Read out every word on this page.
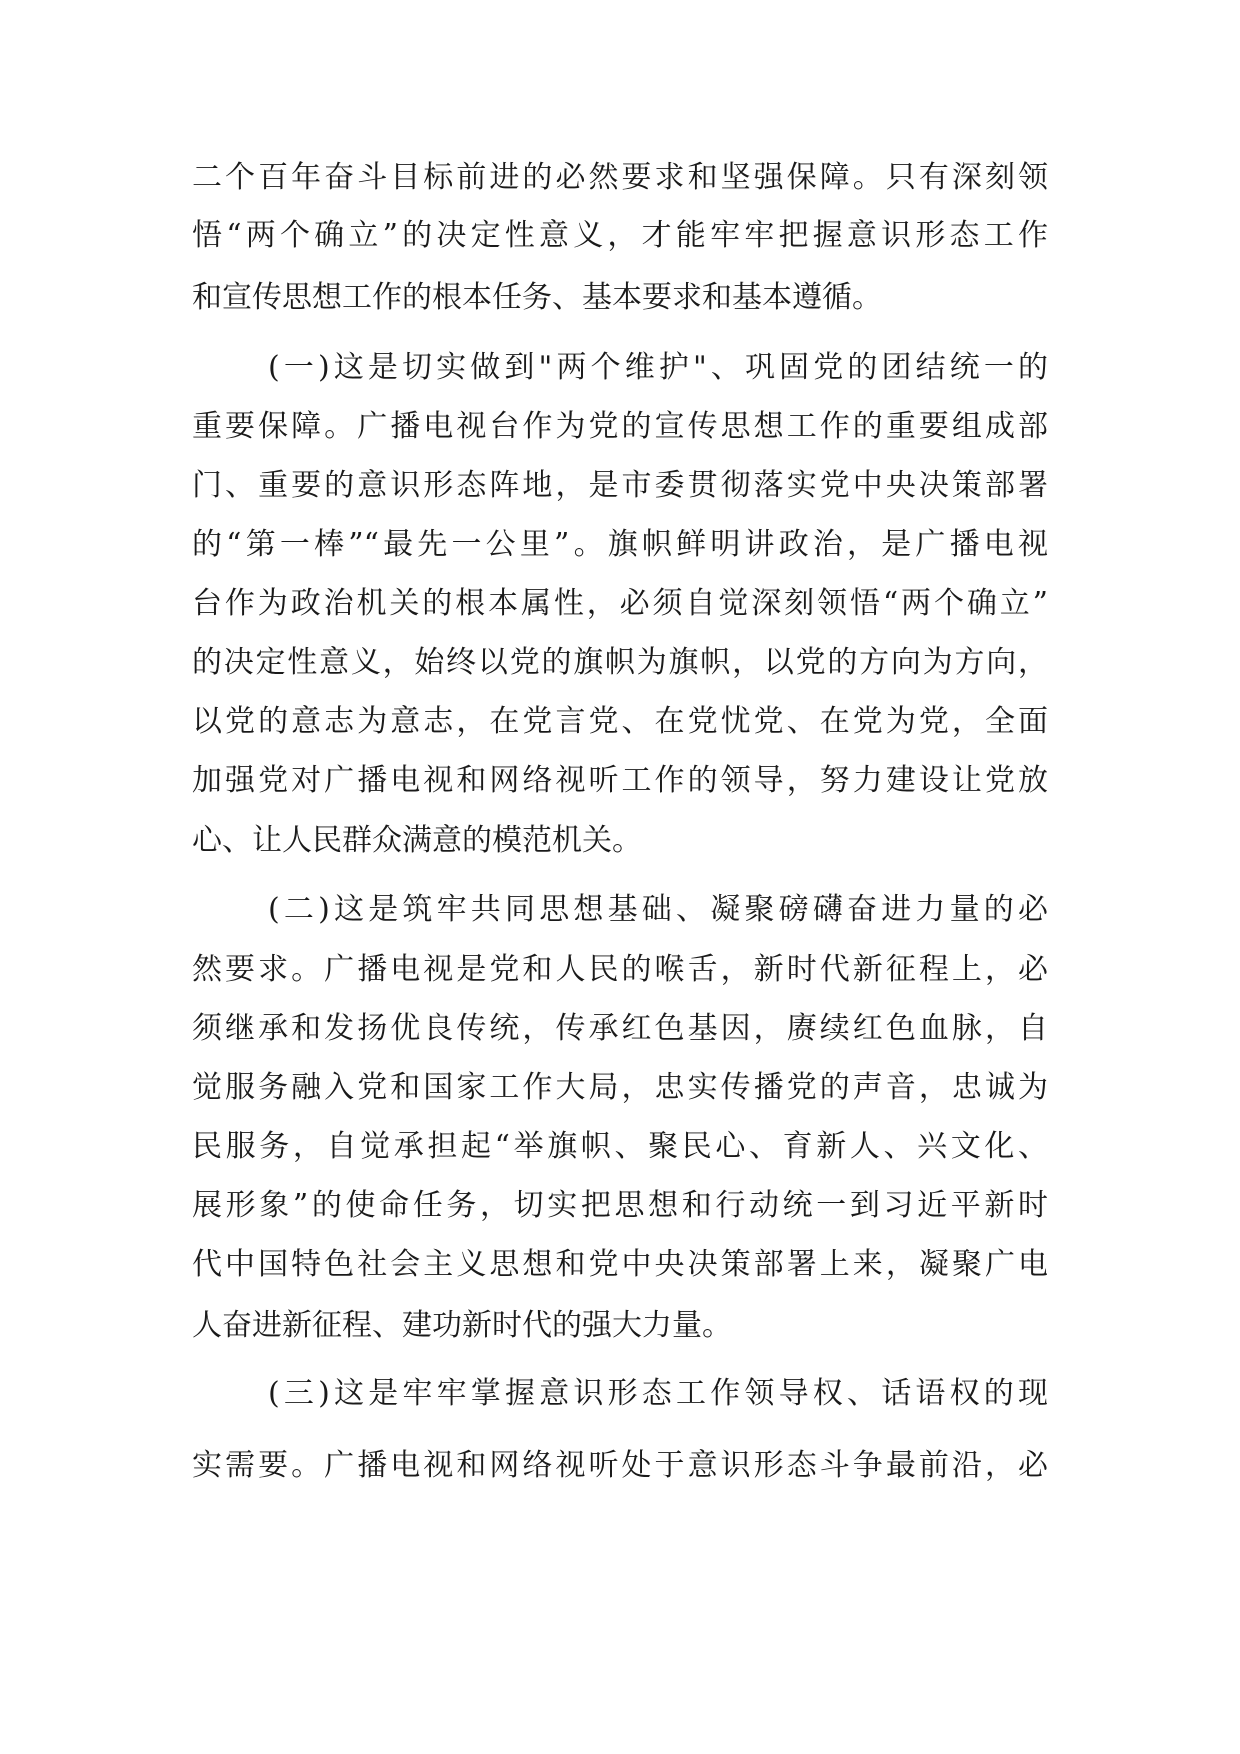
二个百年奋斗目标前进的必然要求和坚强保障。只有深刻领
悟“两个确立”的决定性意义，才能牢牢把握意识形态工作
和宣传思想工作的根本任务、基本要求和基本遵循。
(一)这是切实做到"两个维护"、巩固党的团结统一的
重要保障。广播电视台作为党的宣传思想工作的重要组成部
门、重要的意识形态阵地，是市委贯彻落实党中央决策部署
的“第一棒”“最先一公里”。旗帜鲜明讲政治，是广播电视
台作为政治机关的根本属性，必须自觉深刻领悟“两个确立”
的决定性意义，始终以党的旗帜为旗帜，以党的方向为方向，
以党的意志为意志，在党言党、在党忧党、在党为党，全面
加强党对广播电视和网络视听工作的领导，努力建设让党放
心、让人民群众满意的模范机关。
(二)这是筑牢共同思想基础、凝聚磅礴奋进力量的必
然要求。广播电视是党和人民的喉舌，新时代新征程上，必
须继承和发扬优良传统，传承红色基因，赓续红色血脉，自
觉服务融入党和国家工作大局，忠实传播党的声音，忠诚为
民服务，自觉承担起“举旗帜、聚民心、育新人、兴文化、
展形象”的使命任务，切实把思想和行动统一到习近平新时
代中国特色社会主义思想和党中央决策部署上来，凝聚广电
人奋进新征程、建功新时代的强大力量。
(三)这是牢牢掌握意识形态工作领导权、话语权的现
实需要。广播电视和网络视听处于意识形态斗争最前沿，必
